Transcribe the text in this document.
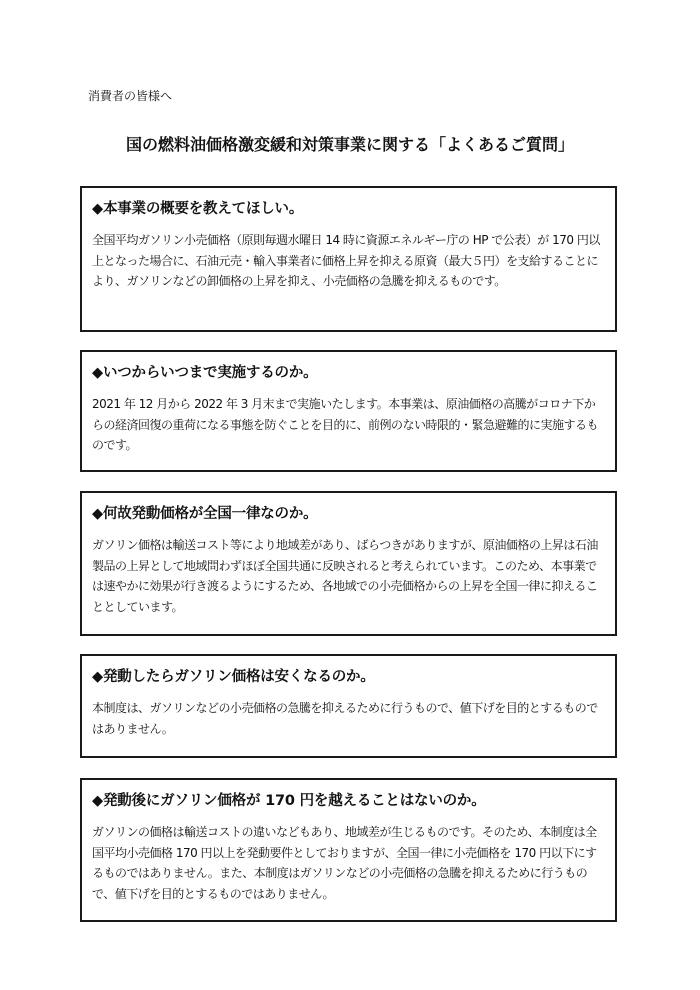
消費者の皆様へ
国の燃料油価格激変緩和対策事業に関する「よくあるご質問」

◆本事業の概要を教えてほしい。

全国平均ガソリン小売価格（原則毎週水曜日 14 時に資源エネルギー庁の HP で公表）が 170 円以上となった場合に、石油元売・輸入事業者に価格上昇を抑える原資（最大５円）を支給することにより、ガソリンなどの卸価格の上昇を抑え、小売価格の急騰を抑えるものです。

◆いつからいつまで実施するのか。

2021 年 12 月から 2022 年 3 月末まで実施いたします。本事業は、原油価格の高騰がコロナ下からの経済回復の重荷になる事態を防ぐことを目的に、前例のない時限的・緊急避難的に実施するものです。

◆何故発動価格が全国一律なのか。

ガソリン価格は輸送コスト等により地域差があり、ばらつきがありますが、原油価格の上昇は石油製品の上昇として地域問わずほぼ全国共通に反映されると考えられています。このため、本事業では速やかに効果が行き渡るようにするため、各地域での小売価格からの上昇を全国一律に抑えることとしています。

◆発動したらガソリン価格は安くなるのか。

本制度は、ガソリンなどの小売価格の急騰を抑えるために行うもので、値下げを目的とするものではありません。

◆発動後にガソリン価格が 170 円を越えることはないのか。

ガソリンの価格は輸送コストの違いなどもあり、地域差が生じるものです。そのため、本制度は全国平均小売価格 170 円以上を発動要件としておりますが、全国一律に小売価格を 170 円以下にするものではありません。また、本制度はガソリンなどの小売価格の急騰を抑えるために行うもので、値下げを目的とするものではありません。
